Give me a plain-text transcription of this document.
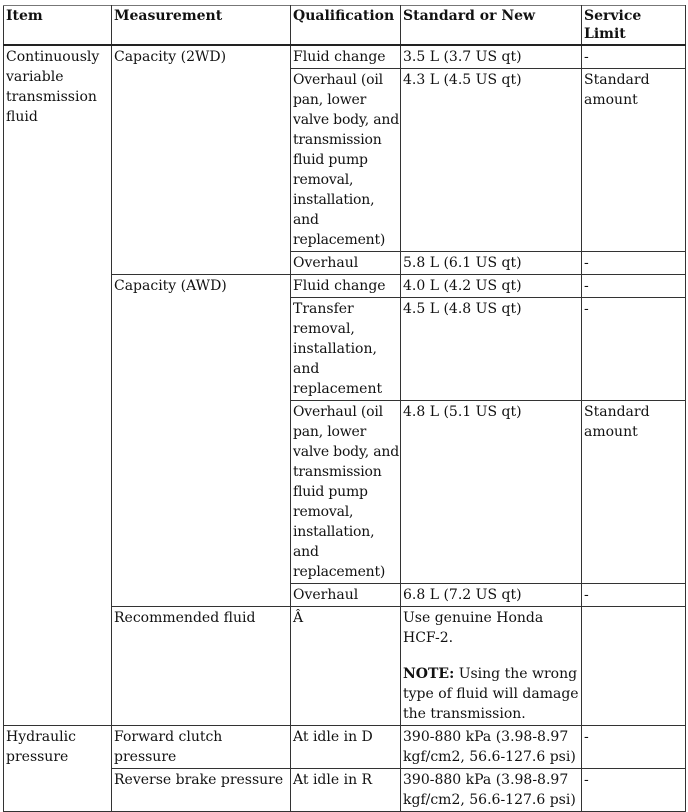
Item	Measurement	Qualification	Standard or New	Service Limit
Continuously variable transmission fluid	Capacity (2WD)	Fluid change	3.5 L (3.7 US qt)	-
		Overhaul (oil pan, lower valve body, and transmission fluid pump removal, installation, and replacement)	4.3 L (4.5 US qt)	Standard amount
		Overhaul	5.8 L (6.1 US qt)	-
	Capacity (AWD)	Fluid change	4.0 L (4.2 US qt)	-
		Transfer removal, installation, and replacement	4.5 L (4.8 US qt)	-
		Overhaul (oil pan, lower valve body, and transmission fluid pump removal, installation, and replacement)	4.8 L (5.1 US qt)	Standard amount
		Overhaul	6.8 L (7.2 US qt)	-
	Recommended fluid	Â	Use genuine Honda HCF-2.
NOTE: Using the wrong type of fluid will damage the transmission.	

Hydraulic pressure	Forward clutch pressure	At idle in D	390-880 kPa (3.98-8.97 kgf/cm2, 56.6-127.6 psi)	-
	Reverse brake pressure	At idle in R	390-880 kPa (3.98-8.97 kgf/cm2, 56.6-127.6 psi)	-
